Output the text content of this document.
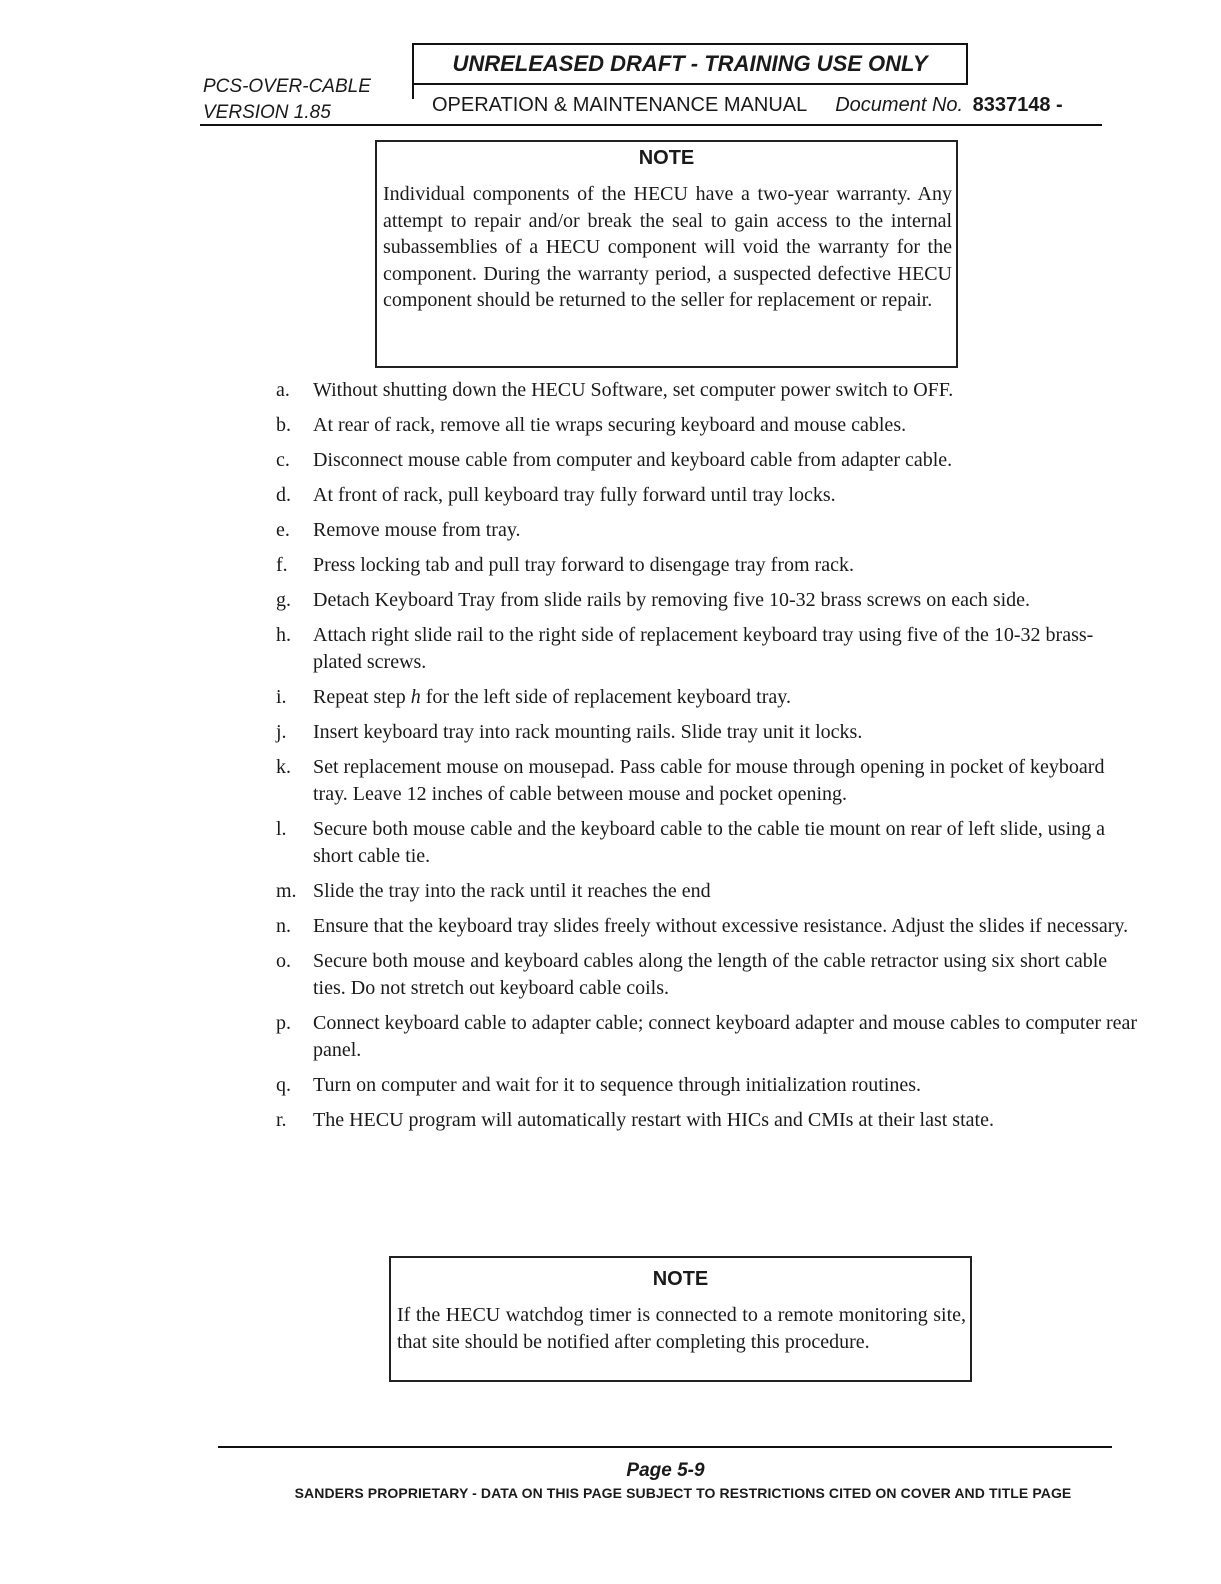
PCS-OVER-CABLE
VERSION 1.85
UNRELEASED DRAFT - TRAINING USE ONLY
OPERATION & MAINTENANCE MANUAL Document No. 8337148 -
NOTE
Individual components of the HECU have a two-year warranty. Any attempt to repair and/or break the seal to gain access to the internal subassemblies of a HECU component will void the warranty for the component. During the warranty period, a suspected defective HECU component should be returned to the seller for replacement or repair.
a. Without shutting down the HECU Software, set computer power switch to OFF.
b. At rear of rack, remove all tie wraps securing keyboard and mouse cables.
c. Disconnect mouse cable from computer and keyboard cable from adapter cable.
d. At front of rack, pull keyboard tray fully forward until tray locks.
e. Remove mouse from tray.
f. Press locking tab and pull tray forward to disengage tray from rack.
g. Detach Keyboard Tray from slide rails by removing five 10-32 brass screws on each side.
h. Attach right slide rail to the right side of replacement keyboard tray using five of the 10-32 brass-plated screws.
i. Repeat step h for the left side of replacement keyboard tray.
j. Insert keyboard tray into rack mounting rails. Slide tray unit it locks.
k. Set replacement mouse on mousepad. Pass cable for mouse through opening in pocket of keyboard tray. Leave 12 inches of cable between mouse and pocket opening.
l. Secure both mouse cable and the keyboard cable to the cable tie mount on rear of left slide, using a short cable tie.
m. Slide the tray into the rack until it reaches the end
n. Ensure that the keyboard tray slides freely without excessive resistance. Adjust the slides if necessary.
o. Secure both mouse and keyboard cables along the length of the cable retractor using six short cable ties. Do not stretch out keyboard cable coils.
p. Connect keyboard cable to adapter cable; connect keyboard adapter and mouse cables to computer rear panel.
q. Turn on computer and wait for it to sequence through initialization routines.
r. The HECU program will automatically restart with HICs and CMIs at their last state.
NOTE
If the HECU watchdog timer is connected to a remote monitoring site, that site should be notified after completing this procedure.
Page 5-9
SANDERS PROPRIETARY - DATA ON THIS PAGE SUBJECT TO RESTRICTIONS CITED ON COVER AND TITLE PAGE
